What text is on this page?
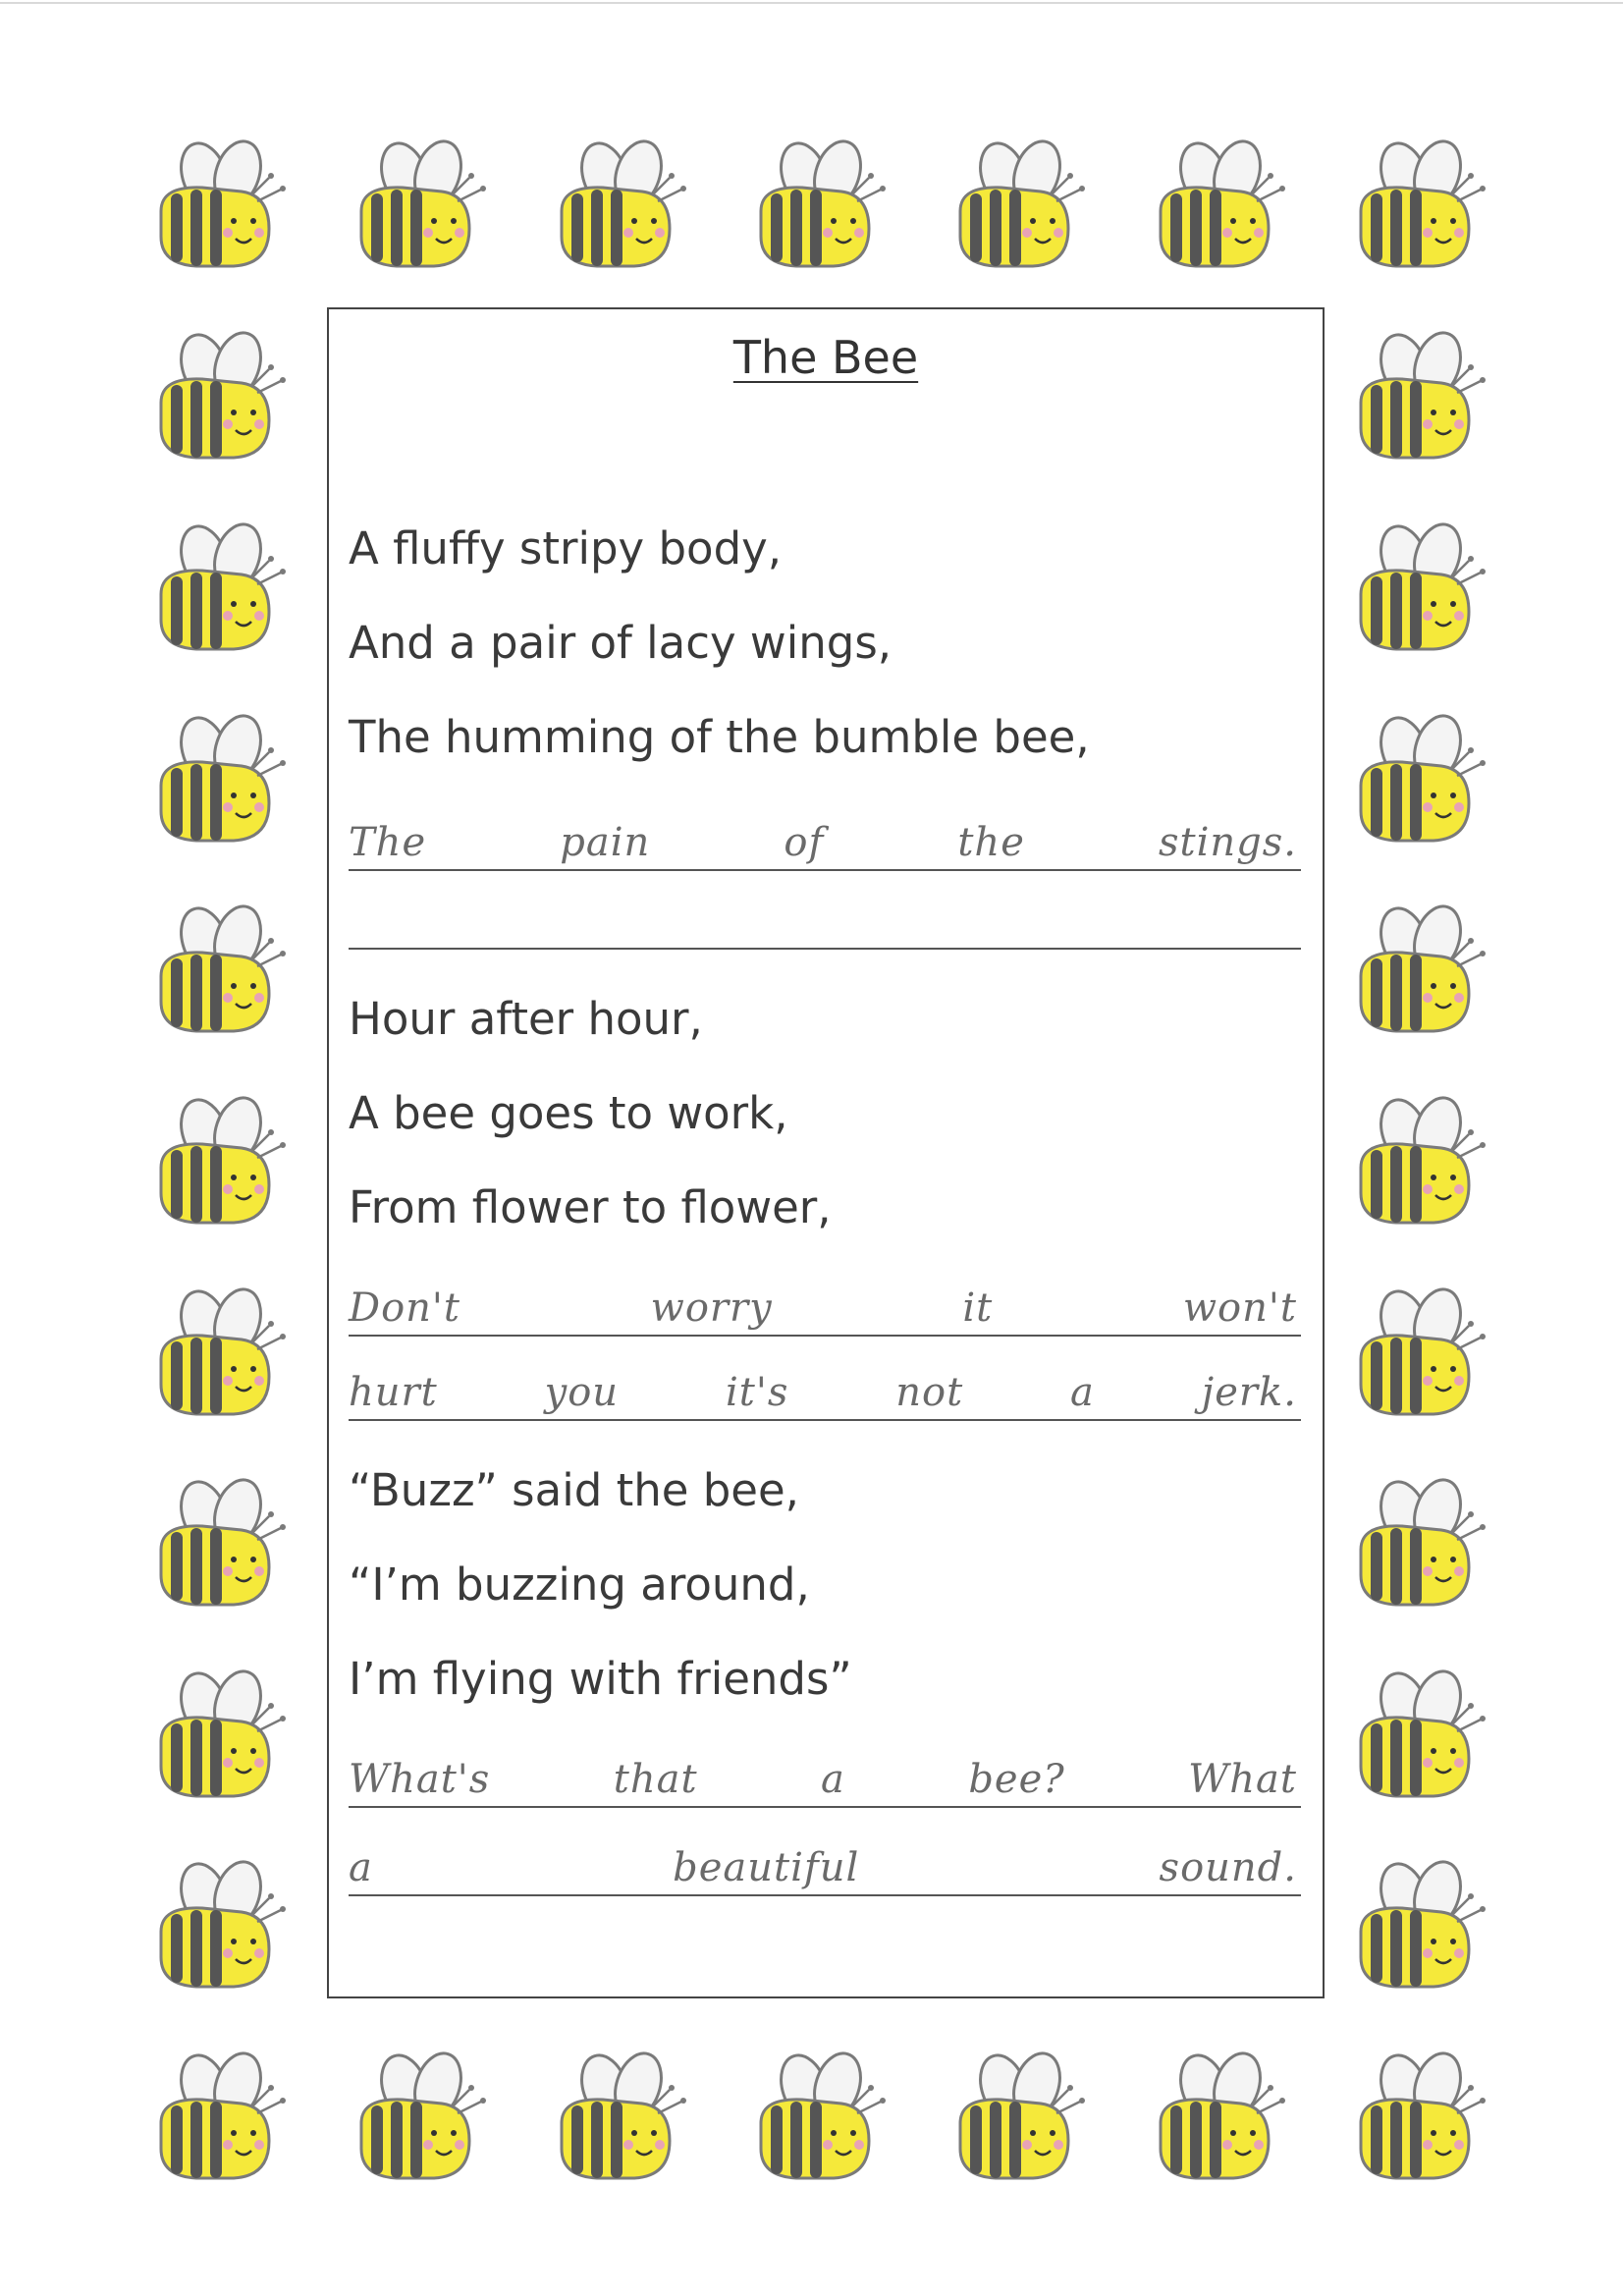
The Bee
A fluffy stripy body,
And a pair of lacy wings,
The humming of the bumble bee,
The	pain	of	the	stings.
Hour after hour,
A bee goes to work,
From flower to flower,
Don't	worry	it	won't
hurt	you	it's	not	a	jerk.
“Buzz” said the bee,
“I’m buzzing around,
I’m flying with friends”
What's	that	a	bee?	What
a	beautiful	sound.
